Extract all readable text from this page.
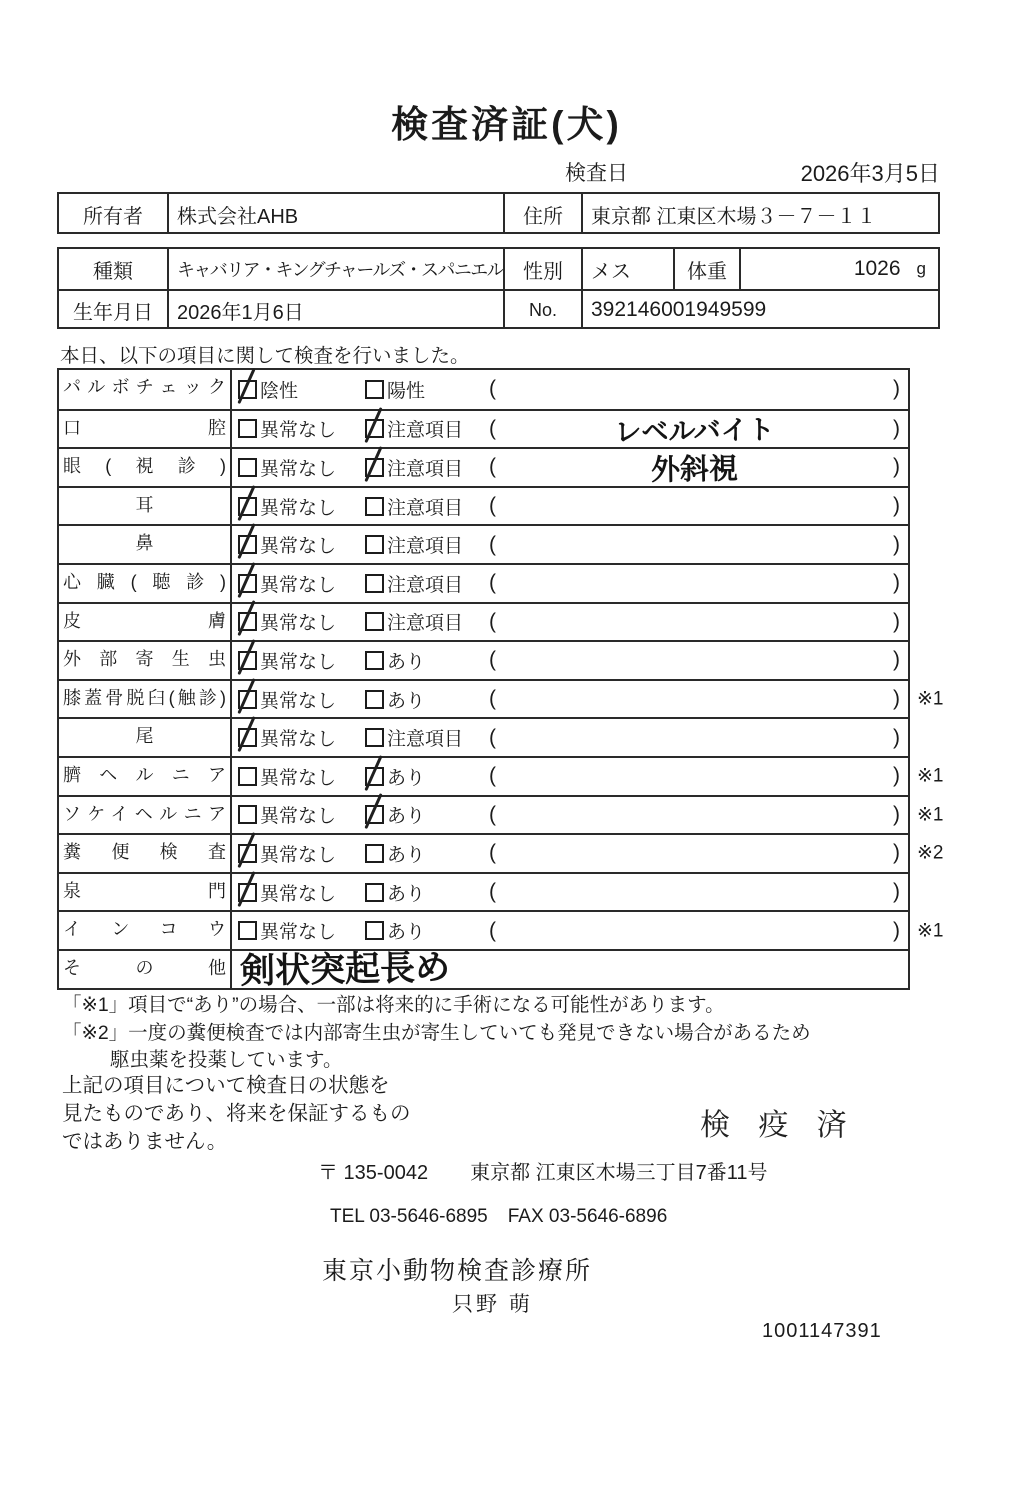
検査済証(犬)
検査日	2026年3月5日
所有者	株式会社AHB	住所	東京都 江東区木場３－７－１１
種類	キャバリア・キングチャールズ・スパニエル 性別	メス	体重	1026 g
生年月日	2026年1月6日	No.	392146001949599

本日、以下の項目に関して検査を行いました。

パルボチェック	陰性	陽性	(	)
口腔	異常なし	注意項目 (	レベルバイト	)
眼(視診)	異常なし	注意項目 (	外斜視	)
耳	異常なし	注意項目 (	)
鼻	異常なし	注意項目 (	)
心臓(聴診)	異常なし	注意項目 (	)
皮膚	異常なし	注意項目 (	)
外部寄生虫	異常なし	あり	(	)
膝蓋骨脱臼(触診)	異常なし	あり	(	) ※1
尾	異常なし	注意項目 (	)
臍ヘルニア	異常なし	あり	(	) ※1
ソケイヘルニア	異常なし	あり	(	) ※1
糞便検査	異常なし	あり	(	) ※2
泉門	異常なし	あり	(	)
インコウ	異常なし	あり	(	) ※1
その他 剣状突起長め
「※1」項目で“あり”の場合、一部は将来的に手術になる可能性があります。
「※2」一度の糞便検査では内部寄生虫が寄生していても発見できない場合があるため
駆虫薬を投薬しています。
上記の項目について検査日の状態を
見たものであり、将来を保証するもの
ではありません。	検 疫 済
〒 135-0042 東京都 江東区木場三丁目7番11号
TEL 03-5646-6895 FAX 03-5646-6896
東京小動物検査診療所
只野 萌
1001147391
